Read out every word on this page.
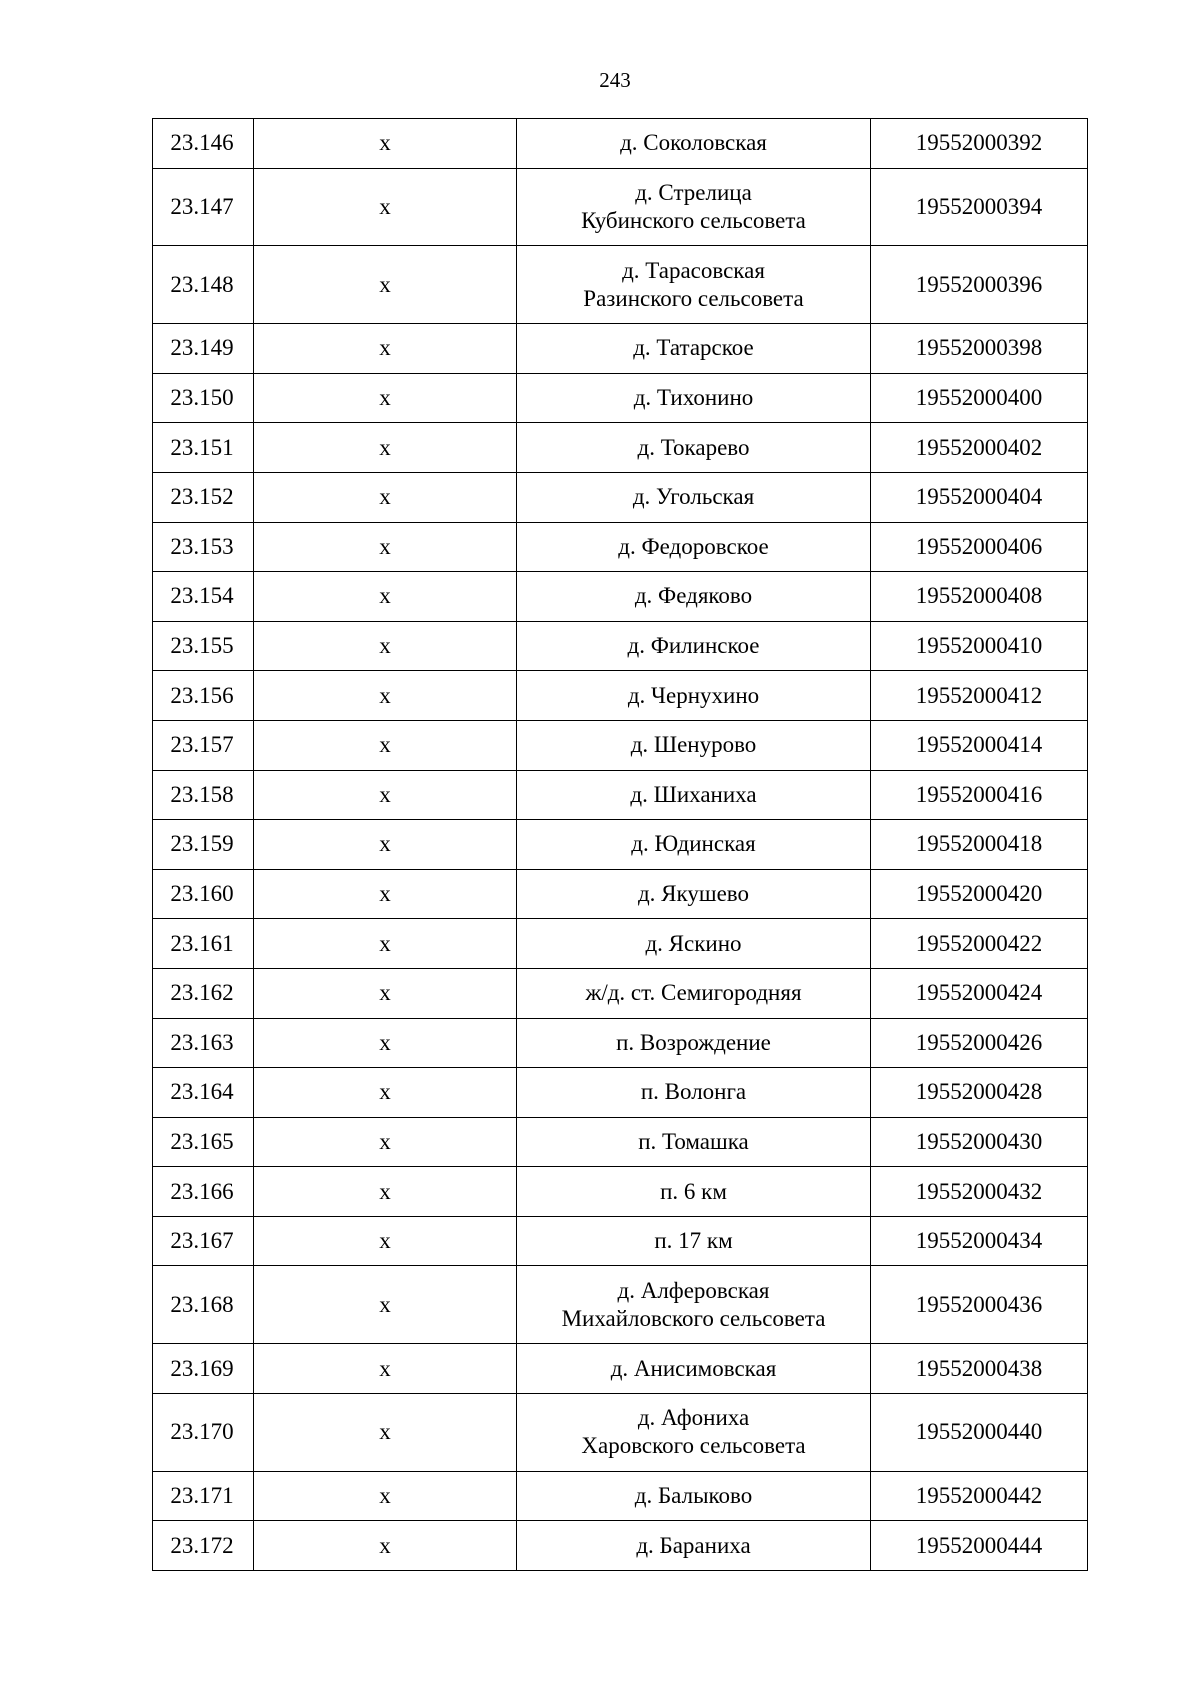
243
23.146	х	д. Соколовская	19552000392
23.147	х	д. Стрелица
Кубинского сельсовета	19552000394
23.148	х	д. Тарасовская
Разинского сельсовета	19552000396
23.149	х	д. Татарское	19552000398
23.150	х	д. Тихонино	19552000400
23.151	х	д. Токарево	19552000402
23.152	х	д. Угольская	19552000404
23.153	х	д. Федоровское	19552000406
23.154	х	д. Федяково	19552000408
23.155	х	д. Филинское	19552000410
23.156	х	д. Чернухино	19552000412
23.157	х	д. Шенурово	19552000414
23.158	х	д. Шиханиха	19552000416
23.159	х	д. Юдинская	19552000418
23.160	х	д. Якушево	19552000420
23.161	х	д. Яскино	19552000422
23.162	х	ж/д. ст. Семигородняя	19552000424
23.163	х	п. Возрождение	19552000426
23.164	х	п. Волонга	19552000428
23.165	х	п. Томашка	19552000430
23.166	х	п. 6 км	19552000432
23.167	х	п. 17 км	19552000434
23.168	х	д. Алферовская
Михайловского сельсовета	19552000436
23.169	х	д. Анисимовская	19552000438
23.170	х	д. Афониха
Харовского сельсовета	19552000440
23.171	х	д. Балыково	19552000442
23.172	х	д. Бараниха	19552000444
